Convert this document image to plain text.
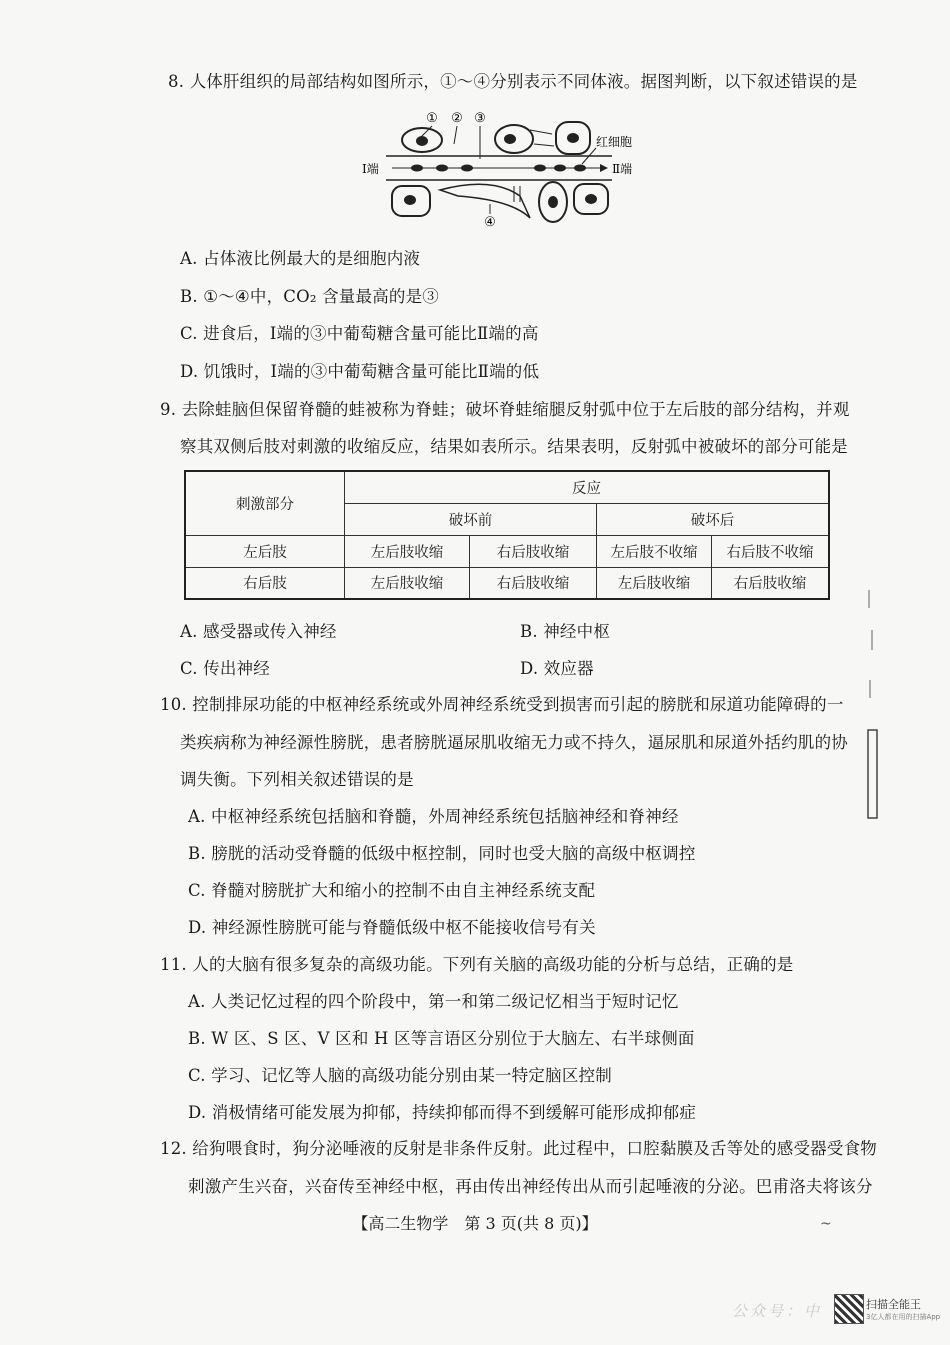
8. 人体肝组织的局部结构如图所示，①～④分别表示不同体液。据图判断，以下叙述错误的是
① ② ③
红细胞
Ⅰ端	Ⅱ端
④
A. 占体液比例最大的是细胞内液
B. ①～④中，CO₂ 含量最高的是③
C. 进食后，Ⅰ端的③中葡萄糖含量可能比Ⅱ端的高
D. 饥饿时，Ⅰ端的③中葡萄糖含量可能比Ⅱ端的低
9. 去除蛙脑但保留脊髓的蛙被称为脊蛙；破坏脊蛙缩腿反射弧中位于左后肢的部分结构，并观
察其双侧后肢对刺激的收缩反应，结果如表所示。结果表明，反射弧中被破坏的部分可能是
刺激部分	反应			
	破坏前		破坏后	
左后肢	左后肢收缩	右后肢收缩	左后肢不收缩	右后肢不收缩
右后肢	左后肢收缩	右后肢收缩	左后肢收缩	右后肢收缩
A. 感受器或传入神经	B. 神经中枢
C. 传出神经	D. 效应器
10. 控制排尿功能的中枢神经系统或外周神经系统受到损害而引起的膀胱和尿道功能障碍的一
类疾病称为神经源性膀胱，患者膀胱逼尿肌收缩无力或不持久，逼尿肌和尿道外括约肌的协
调失衡。下列相关叙述错误的是
A. 中枢神经系统包括脑和脊髓，外周神经系统包括脑神经和脊神经
B. 膀胱的活动受脊髓的低级中枢控制，同时也受大脑的高级中枢调控
C. 脊髓对膀胱扩大和缩小的控制不由自主神经系统支配
D. 神经源性膀胱可能与脊髓低级中枢不能接收信号有关
11. 人的大脑有很多复杂的高级功能。下列有关脑的高级功能的分析与总结，正确的是
A. 人类记忆过程的四个阶段中，第一和第二级记忆相当于短时记忆
B. W 区、S 区、V 区和 H 区等言语区分别位于大脑左、右半球侧面
C. 学习、记忆等人脑的高级功能分别由某一特定脑区控制
D. 消极情绪可能发展为抑郁，持续抑郁而得不到缓解可能形成抑郁症
12. 给狗喂食时，狗分泌唾液的反射是非条件反射。此过程中，口腔黏膜及舌等处的感受器受食物
刺激产生兴奋，兴奋传至神经中枢，再由传出神经传出从而引起唾液的分泌。巴甫洛夫将该分
【高二生物学　第 3 页(共 8 页)】	~
公众号：中	扫描全能王
3亿人都在用的扫描App
